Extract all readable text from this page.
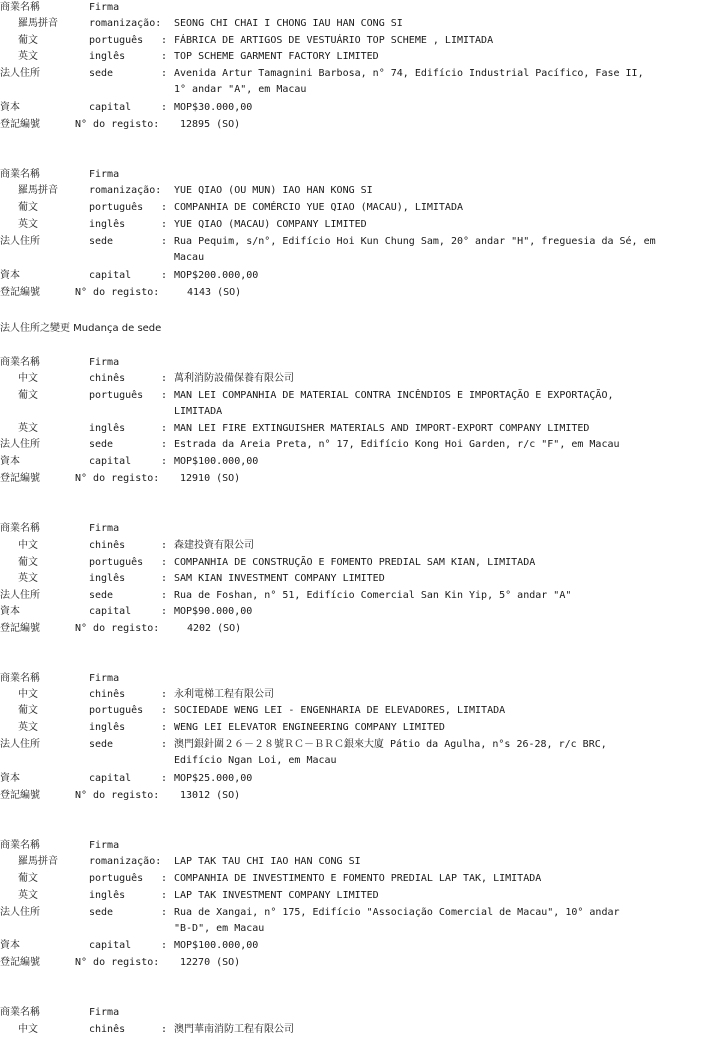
商業名稱	Firma
羅馬拼音	romanização: SEONG CHI CHAI I CHONG IAU HAN CONG SI
葡文	português : FÁBRICA DE ARTIGOS DE VESTUÁRIO TOP SCHEME , LIMITADA
英文	inglês	: TOP SCHEME GARMENT FACTORY LIMITED
法人住所	sede	: Avenida Artur Tamagnini Barbosa, n° 74, Edifício Industrial Pacífico, Fase II,
1° andar "A", em Macau
資本	capital	: MOP$30.000,00
登記編號	N° do registo: 12895 (SO)
商業名稱	Firma
羅馬拼音	romanização: YUE QIAO (OU MUN) IAO HAN KONG SI
葡文	português : COMPANHIA DE COMÉRCIO YUE QIAO (MACAU), LIMITADA
英文	inglês	: YUE QIAO (MACAU) COMPANY LIMITED
法人住所	sede	: Rua Pequim, s/n°, Edifício Hoi Kun Chung Sam, 20° andar "H", freguesia da Sé, em
Macau
資本	capital	: MOP$200.000,00
登記編號	N° do registo:	4143 (SO)
法人住所之變更 Mudança de sede
商業名稱	Firma
中文	chinês	: 萬利消防設備保養有限公司
葡文	português : MAN LEI COMPANHIA DE MATERIAL CONTRA INCÊNDIOS E IMPORTAÇÃO E EXPORTAÇÃO,
LIMITADA
英文	inglês	: MAN LEI FIRE EXTINGUISHER MATERIALS AND IMPORT-EXPORT COMPANY LIMITED
法人住所	sede	: Estrada da Areia Preta, n° 17, Edifício Kong Hoi Garden, r/c "F", em Macau
資本	capital	: MOP$100.000,00
登記編號	N° do registo: 12910 (SO)
商業名稱	Firma
中文	chinês	: 森建投資有限公司
葡文	português : COMPANHIA DE CONSTRUÇÃO E FOMENTO PREDIAL SAM KIAN, LIMITADA
英文	inglês	: SAM KIAN INVESTMENT COMPANY LIMITED
法人住所	sede	: Rua de Foshan, n° 51, Edifício Comercial San Kin Yip, 5° andar "A"
資本	capital	: MOP$90.000,00
登記編號	N° do registo:	4202 (SO)
商業名稱	Firma
中文	chinês	: 永利電梯工程有限公司
葡文	português : SOCIEDADE WENG LEI - ENGENHARIA DE ELEVADORES, LIMITADA
英文	inglês	: WENG LEI ELEVATOR ENGINEERING COMPANY LIMITED
法人住所	sede	: 澳門銀針圍２６－２８號ＲＣ－ＢＲＣ銀來大廈 Pátio da Agulha, n°s 26-28, r/c BRC,
Edifício Ngan Loi, em Macau
資本	capital	: MOP$25.000,00
登記編號	N° do registo: 13012 (SO)
商業名稱	Firma
羅馬拼音	romanização: LAP TAK TAU CHI IAO HAN CONG SI
葡文	português : COMPANHIA DE INVESTIMENTO E FOMENTO PREDIAL LAP TAK, LIMITADA
英文	inglês	: LAP TAK INVESTMENT COMPANY LIMITED
法人住所	sede	: Rua de Xangai, n° 175, Edifício "Associação Comercial de Macau", 10° andar
"B-D", em Macau
資本	capital	: MOP$100.000,00
登記編號	N° do registo: 12270 (SO)
商業名稱	Firma
中文	chinês	: 澳門華南消防工程有限公司
